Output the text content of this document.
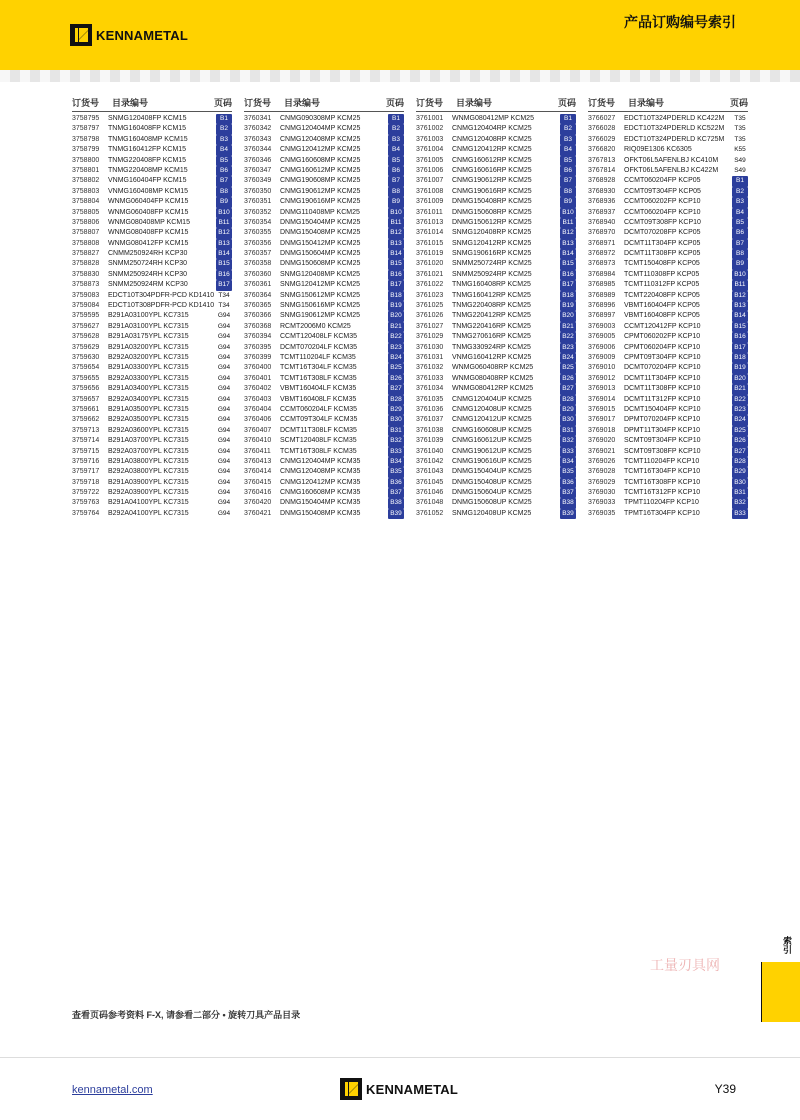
KENNAMETAL
产品订购编号索引
订货号	目录编号	页码
3758795	SNMG120408FP KCM15	B1
3758797	TNMG160408FP KCM15	B2
3758798	TNMG160408MP KCM15	B3
3758799	TNMG160412FP KCM15	B4
3758800	TNMG220408FP KCM15	B5
3758801	TNMG220408MP KCM15	B6
3758802	VNMG160404FP KCM15	B7
3758803	VNMG160408MP KCM15	B8
3758804	WNMG060404FP KCM15	B9
3758805	WNMG060408FP KCM15	B10
3758806	WNMG080408MP KCM15	B11
3758807	WNMG080408FP KCM15	B12
3758808	WNMG080412FP KCM15	B13
3758827	CNMM250924RH KCP30	B14
3758828	SNMM250724RH KCP30	B15
3758830	SNMM250924RH KCP30	B16
3758873	SNMM250924RM KCP30	B17
3759083	EDCT10T304PDFR-PCD KD1410 T34
3759084	EDCT10T308PDFR-PCD KD1410 T34
3759595	B291A03100YPL KC7315	G94
3759627	B291A03100YPL KC7315	G94
3759628	B291A03175YPL KC7315	G94
3759629	B291A03200YPL KC7315	G94
3759630	B292A03200YPL KC7315	G94
3759654	B291A03300YPL KC7315	G94
3759655	B292A03300YPL KC7315	G94
3759656	B291A03400YPL KC7315	G94
3759657	B292A03400YPL KC7315	G94
3759661	B291A03500YPL KC7315	G94
3759662	B292A03500YPL KC7315	G94
3759713	B292A03600YPL KC7315	G94
3759714	B291A03700YPL KC7315	G94
3759715	B292A03700YPL KC7315	G94
3759716	B291A03800YPL KC7315	G94
3759717	B292A03800YPL KC7315	G94
3759718	B291A03900YPL KC7315	G94
3759722	B292A03900YPL KC7315	G94
3759763	B291A04100YPL KC7315	G94
3759764	B292A04100YPL KC7315	G94
订货号	目录编号	页码
3760341	CNMG090308MP KCM25	B1
3760342	CNMG120404MP KCM25	B2
3760343	CNMG120408MP KCM25	B3
3760344	CNMG120412MP KCM25	B4
3760346	CNMG160608MP KCM25	B5
3760347	CNMG160612MP KCM25	B6
3760349	CNMG190608MP KCM25	B7
3760350	CNMG190612MP KCM25	B8
3760351	CNMG190616MP KCM25	B9
3760352	DNMG110408MP KCM25	B10
3760354	DNMG150404MP KCM25	B11
3760355	DNMG150408MP KCM25	B12
3760356	DNMG150412MP KCM25	B13
3760357	DNMG150604MP KCM25	B14
3760358	DNMG150608MP KCM25	B15
3760360	SNMG120408MP KCM25	B16
3760361	SNMG120412MP KCM25	B17
3760364	SNMG150612MP KCM25	B18
3760365	SNMG150616MP KCM25	B19
3760366	SNMG190612MP KCM25	B20
3760368	RCMT2006M0 KCM25	B21
3760394	CCMT120408LF KCM35	B22
3760395	DCMT070204LF KCM35	B23
3760399	TCMT110204LF KCM35	B24
3760400	TCMT16T304LF KCM35	B25
3760401	TCMT16T308LF KCM35	B26
3760402	VBMT160404LF KCM35	B27
3760403	VBMT160408LF KCM35	B28
3760404	CCMT060204LF KCM35	B29
3760406	CCMT09T304LF KCM35	B30
3760407	DCMT11T308LF KCM35	B31
3760410	SCMT120408LF KCM35	B32
3760411	TCMT16T308LF KCM35	B33
3760413	CNMG120404MP KCM35	B34
3760414	CNMG120408MP KCM35	B35
3760415	CNMG120412MP KCM35	B36
3760416	CNMG160608MP KCM35	B37
3760420	DNMG150404MP KCM35	B38
3760421	DNMG150408MP KCM35	B39
订货号	目录编号	页码
3761001	WNMG080412MP KCM25	B1
3761002	CNMG120404RP KCM25	B2
3761003	CNMG120408RP KCM25	B3
3761004	CNMG120412RP KCM25	B4
3761005	CNMG160612RP KCM25	B5
3761006	CNMG160616RP KCM25	B6
3761007	CNMG190612RP KCM25	B7
3761008	CNMG190616RP KCM25	B8
3761009	DNMG150408RP KCM25	B9
3761011	DNMG150608RP KCM25	B10
3761013	DNMG150612RP KCM25	B11
3761014	SNMG120408RP KCM25	B12
3761015	SNMG120412RP KCM25	B13
3761019	SNMG190616RP KCM25	B14
3761020	SNMM250724RP KCM25	B15
3761021	SNMM250924RP KCM25	B16
3761022	TNMG160408RP KCM25	B17
3761023	TNMG160412RP KCM25	B18
3761025	TNMG220408RP KCM25	B19
3761026	TNMG220412RP KCM25	B20
3761027	TNMG220416RP KCM25	B21
3761029	TNMG270616RP KCM25	B22
3761030	TNMG330924RP KCM25	B23
3761031	VNMG160412RP KCM25	B24
3761032	WNMG060408RP KCM25	B25
3761033	WNMG080408RP KCM25	B26
3761034	WNMG080412RP KCM25	B27
3761035	CNMG120404UP KCM25	B28
3761036	CNMG120408UP KCM25	B29
3761037	CNMG120412UP KCM25	B30
3761038	CNMG160608UP KCM25	B31
3761039	CNMG160612UP KCM25	B32
3761040	CNMG190612UP KCM25	B33
3761042	CNMG190616UP KCM25	B34
3761043	DNMG150404UP KCM25	B35
3761045	DNMG150408UP KCM25	B36
3761046	DNMG150604UP KCM25	B37
3761048	DNMG150608UP KCM25	B38
3761052	SNMG120408UP KCM25	B39
订货号	目录编号	页码
3766027	EDCT10T324PDERLD KC422M	T35
3766028	EDCT10T324PDERLD KC522M	T35
3766029	EDCT10T324PDERLD KC725M	T35
3766820	RIQ09E1306 KC6305	K55
3767813	OFKT06L5AFENLBJ KC410M	S49
3767814	OFKT06L5AFENLBJ KC422M	S49
3768928	CCMT060204FP KCP05	B1
3768930	CCMT09T304FP KCP05	B2
3768936	CCMT060202FP KCP10	B3
3768937	CCMT060204FP KCP10	B4
3768940	CCMT09T308FP KCP10	B5
3768970	DCMT070208FP KCP05	B6
3768971	DCMT11T304FP KCP05	B7
3768972	DCMT11T308FP KCP05	B8
3768973	TCMT150408FP KCP05	B9
3768984	TCMT110308FP KCP05	B10
3768985	TCMT110312FP KCP05	B11
3768989	TCMT220408FP KCP05	B12
3768996	VBMT160404FP KCP05	B13
3768997	VBMT160408FP KCP05	B14
3769003	CCMT120412FP KCP10	B15
3769005	CPMT060202FP KCP10	B16
3769006	CPMT060204FP KCP10	B17
3769009	CPMT09T304FP KCP10	B18
3769010	DCMT070204FP KCP10	B19
3769012	DCMT11T304FP KCP10	B20
3769013	DCMT11T308FP KCP10	B21
3769014	DCMT11T312FP KCP10	B22
3769015	DCMT150404FP KCP10	B23
3769017	DPMT070204FP KCP10	B24
3769018	DPMT11T304FP KCP10	B25
3769020	SCMT09T304FP KCP10	B26
3769021	SCMT09T308FP KCP10	B27
3769026	TCMT110204FP KCP10	B28
3769028	TCMT16T304FP KCP10	B29
3769029	TCMT16T308FP KCP10	B30
3769030	TCMT16T312FP KCP10	B31
3769033	TPMT110204FP KCP10	B32
3769035	TPMT16T304FP KCP10	B33
查看页码参考资料 F-X, 请参看二部分 • 旋转刀具产品目录
索引
工量刃具网
kennametal.com	KENNAMETAL	Y39
